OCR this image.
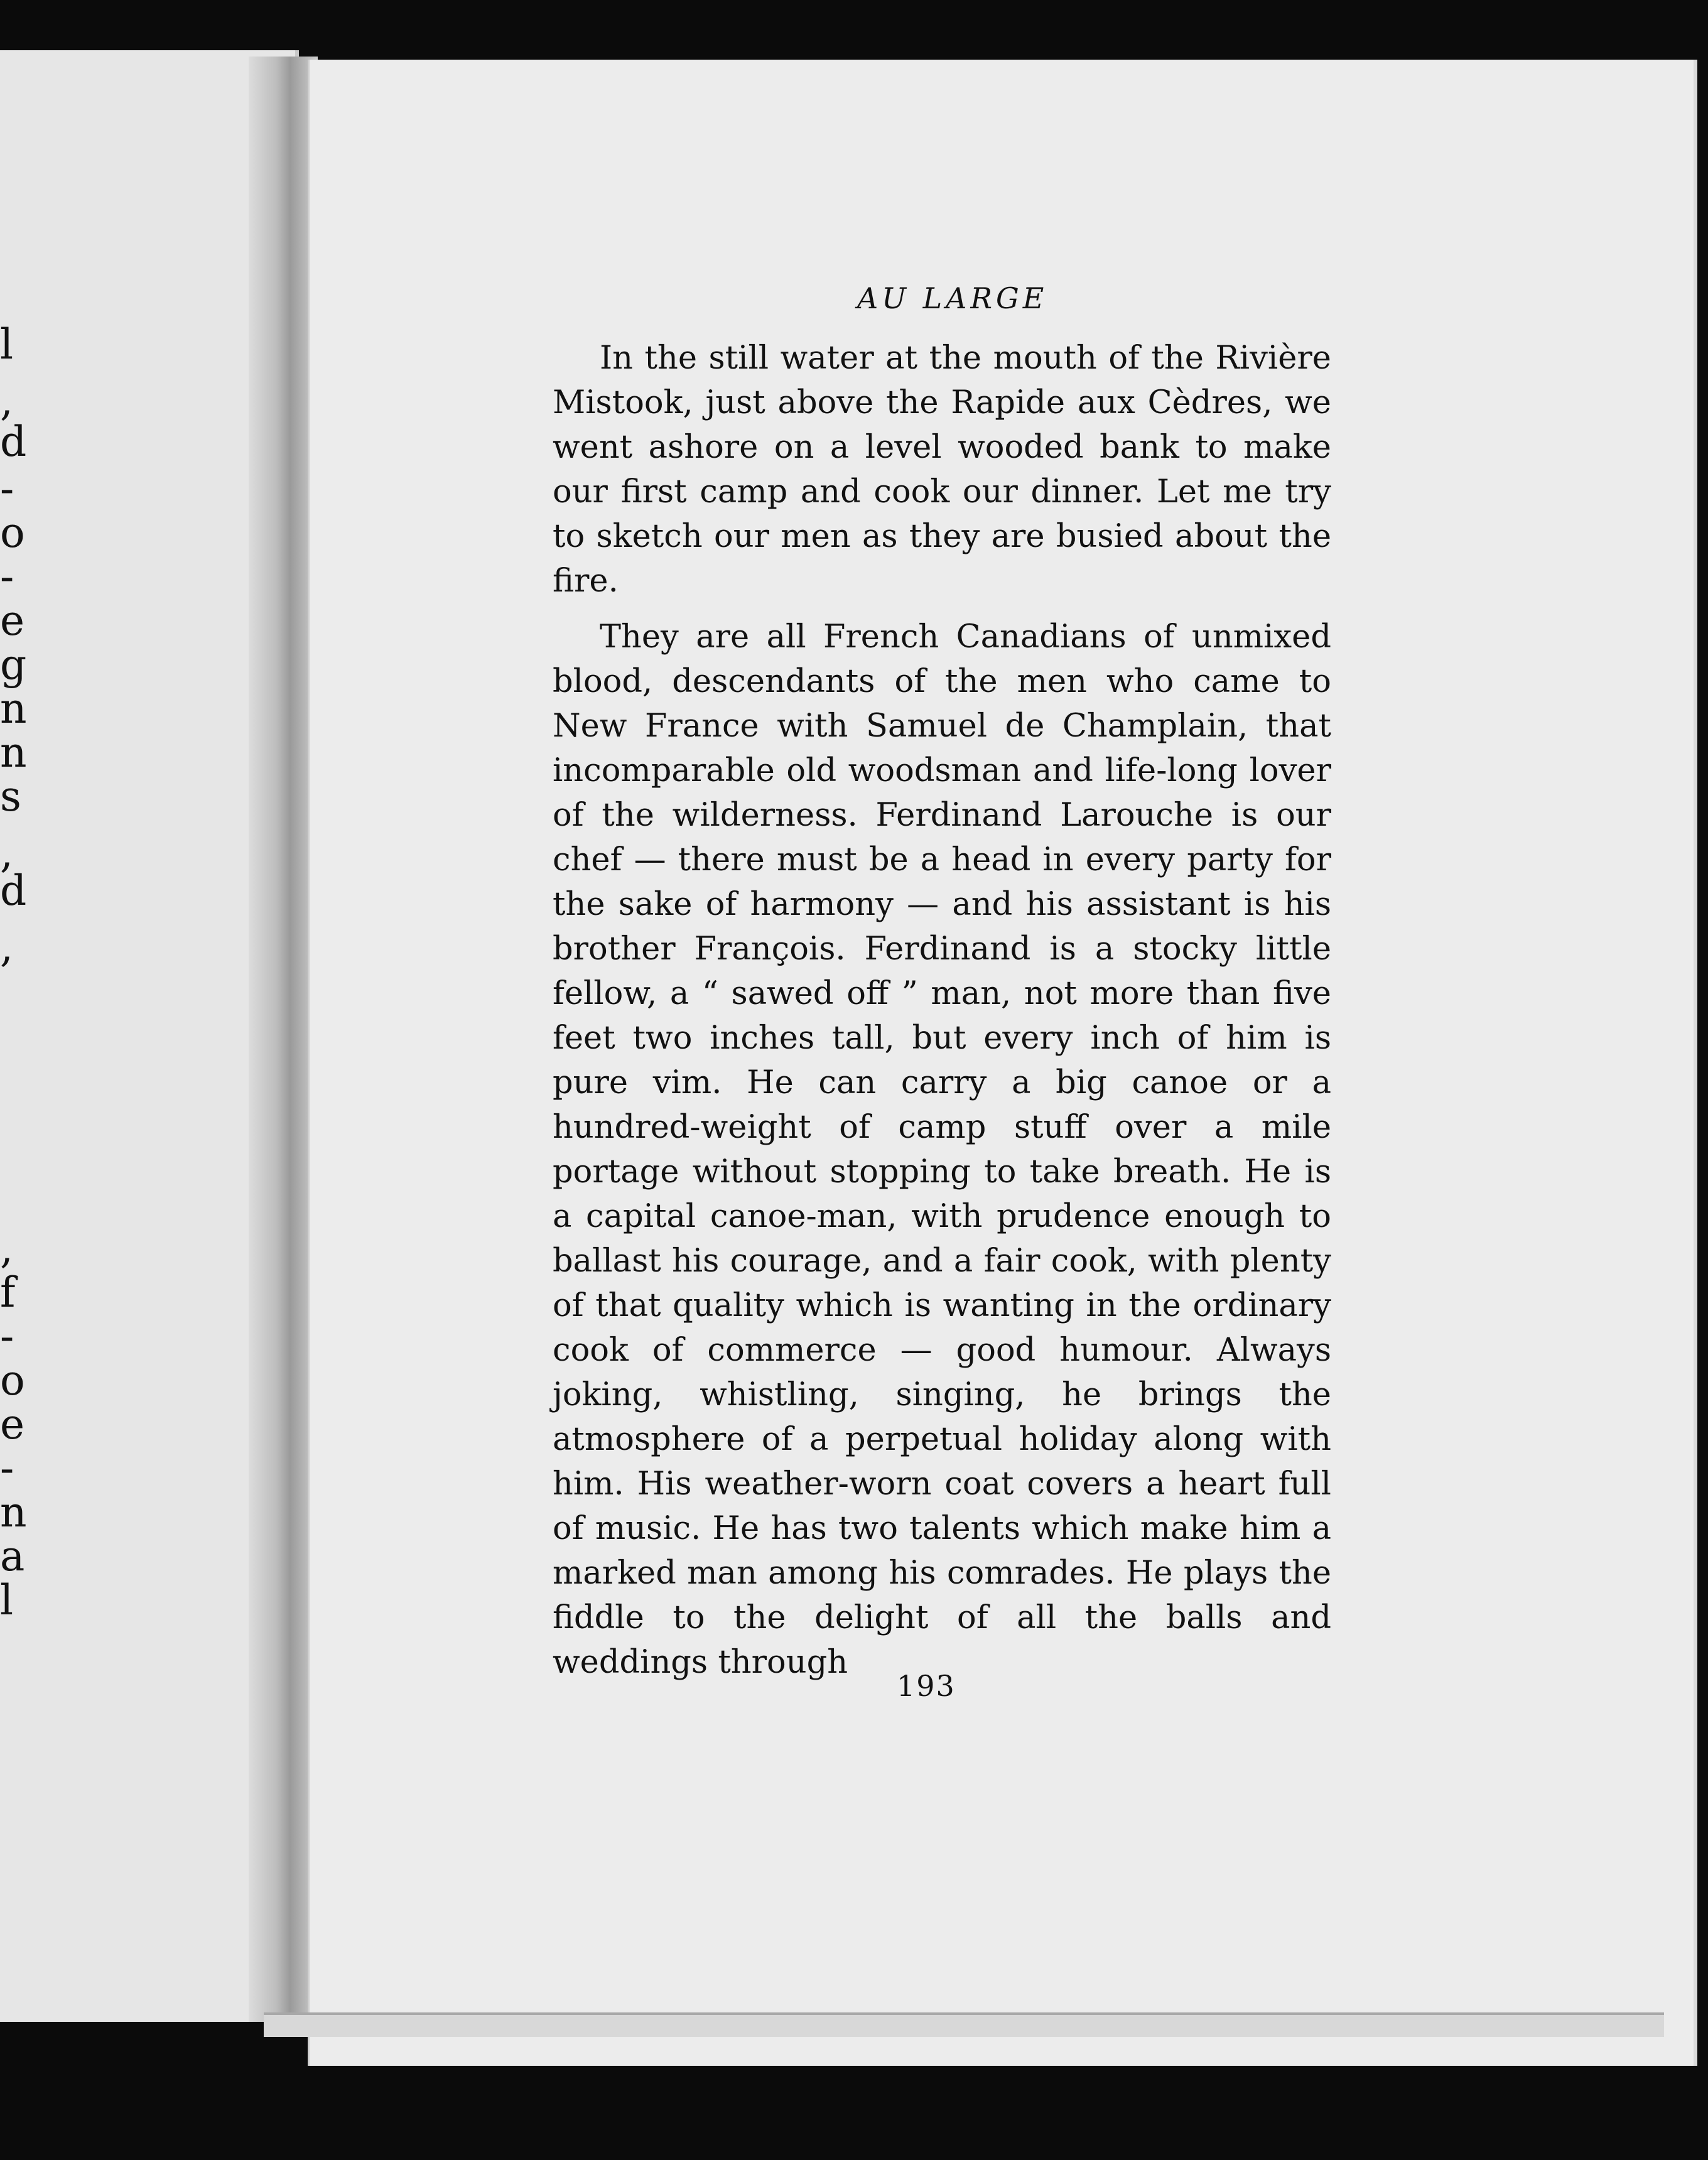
l
,
d
-
o
-
e
g
n
n
s
,
d
,
,
f
-
o
e
-
n
a
l
AU LARGE

In the still water at the mouth of the Rivière Mistook, just above the Rapide aux Cèdres, we went ashore on a level wooded bank to make our first camp and cook our dinner. Let me try to sketch our men as they are busied about the fire.

They are all French Canadians of unmixed blood, descendants of the men who came to New France with Samuel de Champlain, that incomparable old woodsman and life-long lover of the wilderness. Ferdinand Larouche is our chef — there must be a head in every party for the sake of harmony — and his assistant is his brother François. Ferdinand is a stocky little fellow, a “ sawed off ” man, not more than five feet two inches tall, but every inch of him is pure vim. He can carry a big canoe or a hundred-weight of camp stuff over a mile portage without stopping to take breath. He is a capital canoe-man, with prudence enough to ballast his courage, and a fair cook, with plenty of that quality which is wanting in the ordinary cook of commerce — good humour. Always joking, whistling, singing, he brings the atmosphere of a perpetual holiday along with him. His weather-worn coat covers a heart full of music. He has two talents which make him a marked man among his comrades. He plays the fiddle to the delight of all the balls and weddings through

193
